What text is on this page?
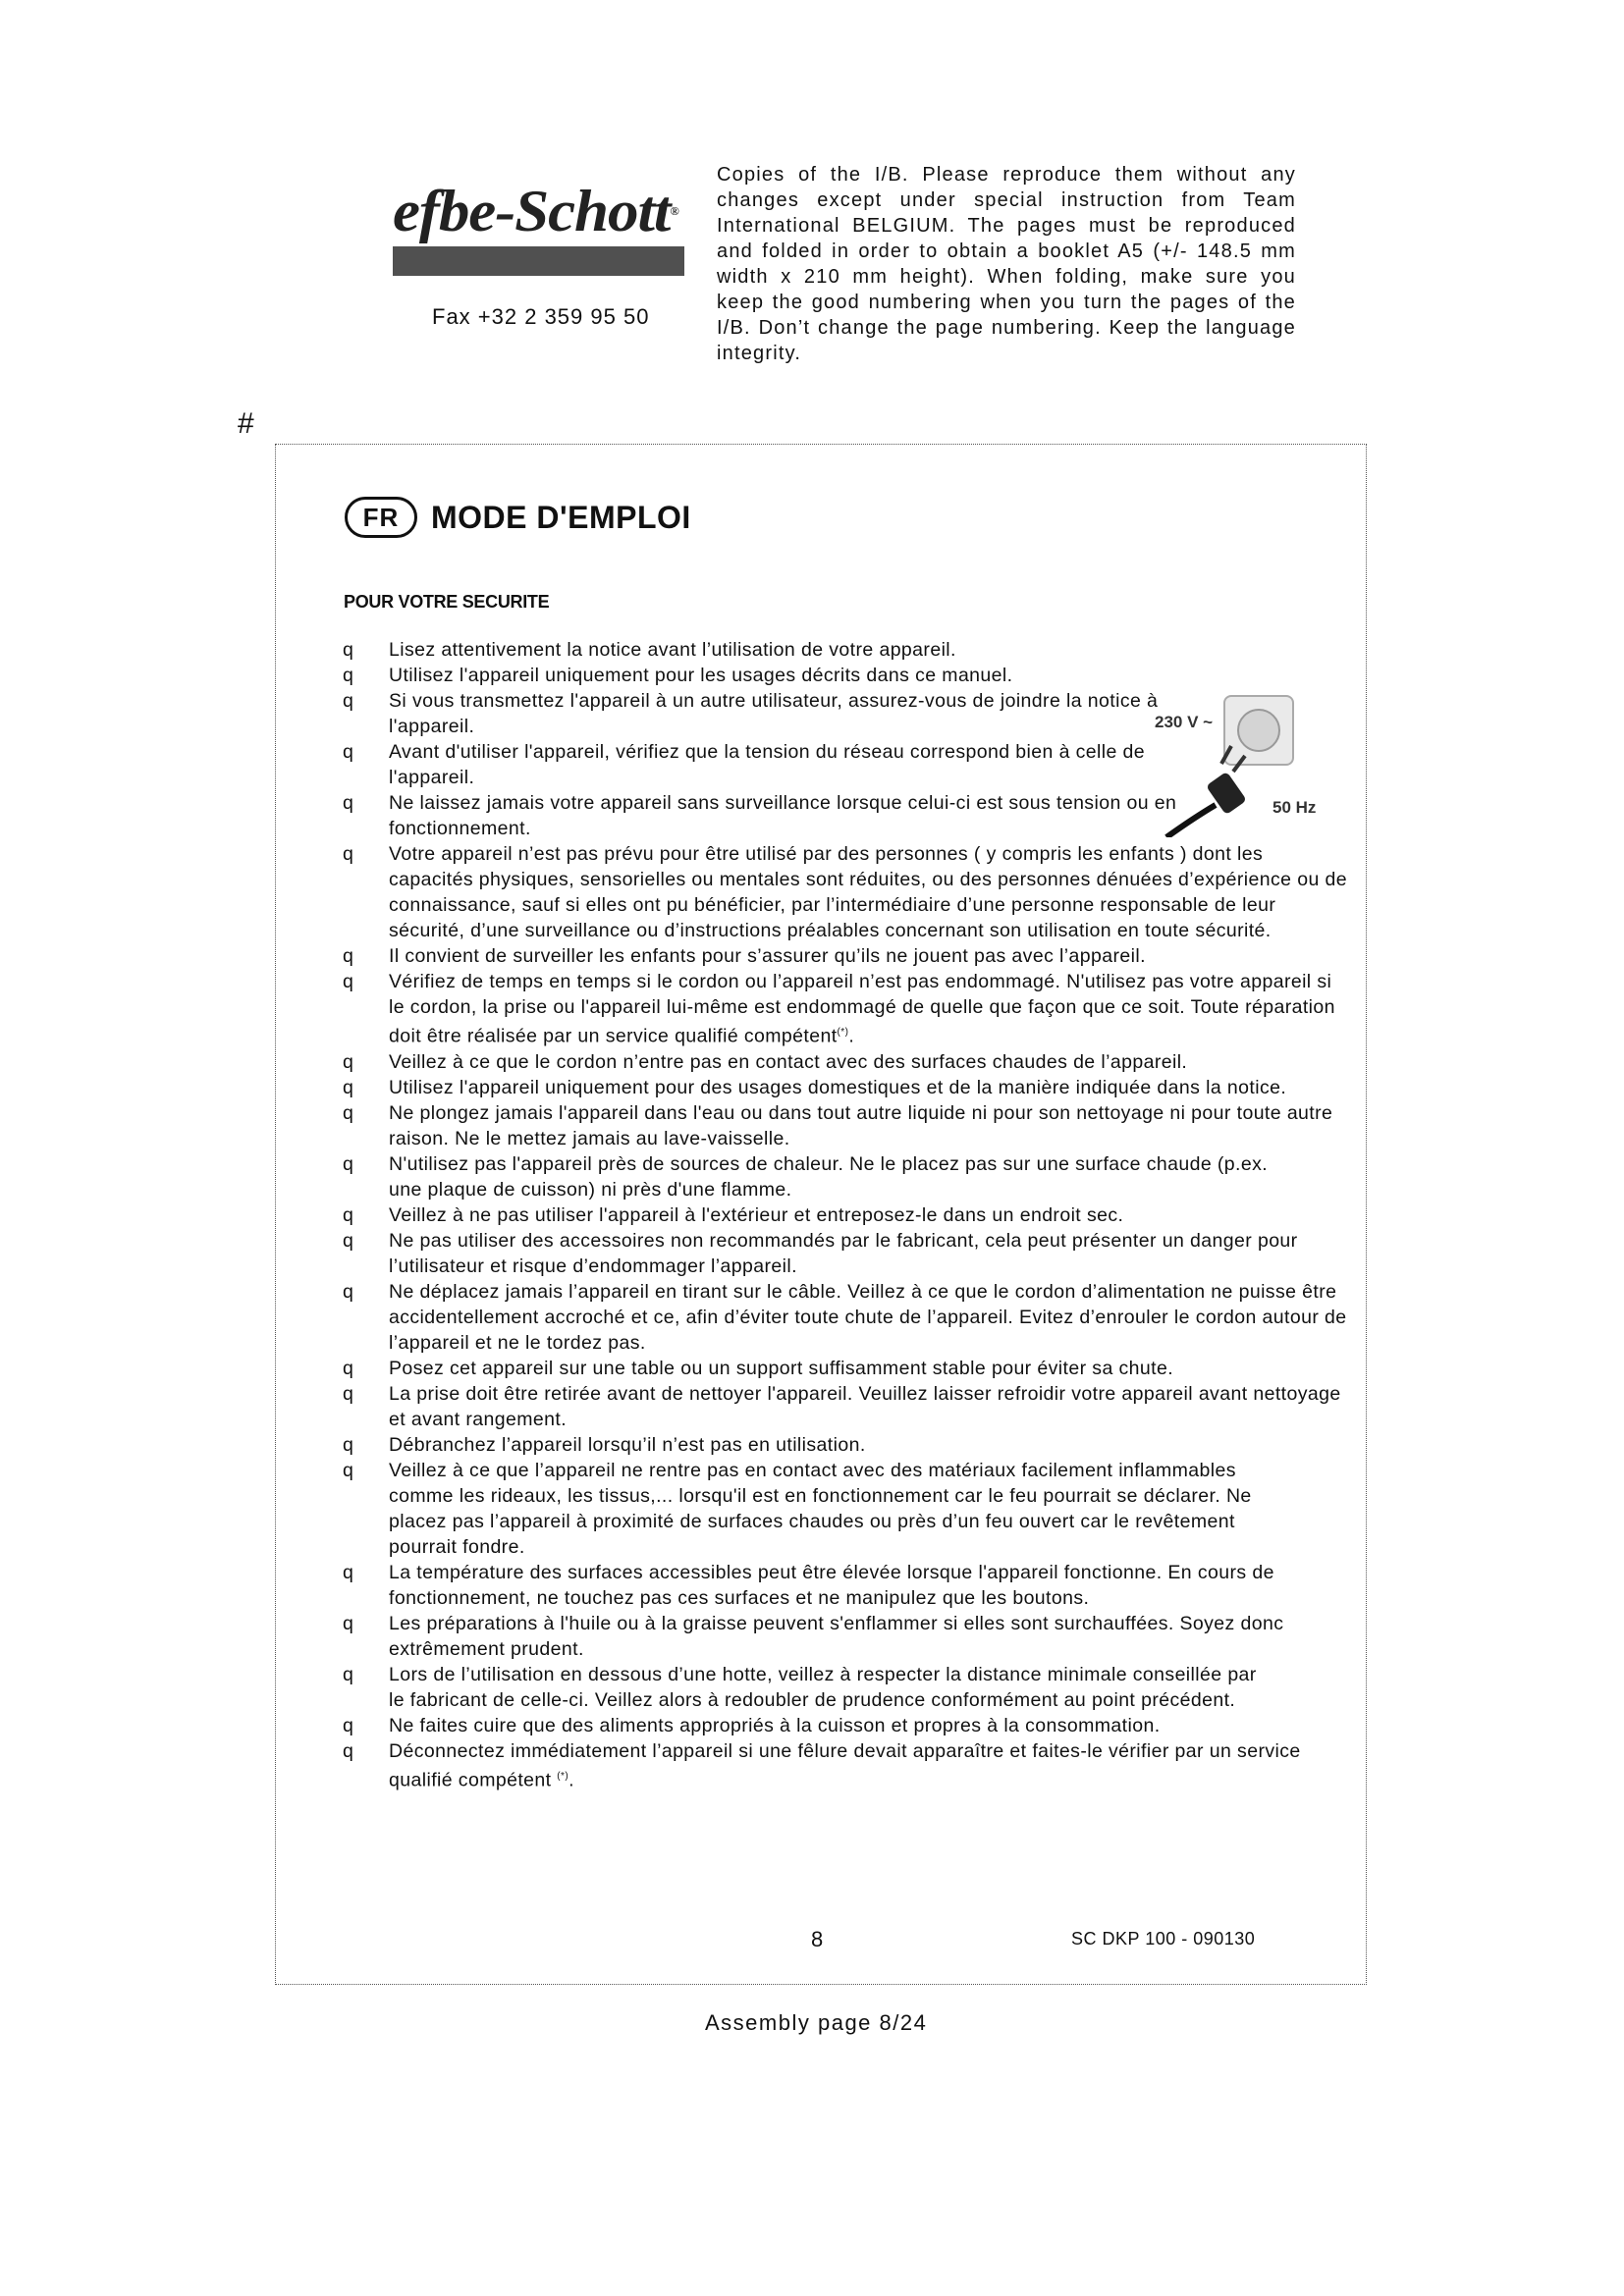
efbe-Schott®
Fax +32 2 359 95 50
Copies of the I/B. Please reproduce them without any changes except under special instruction from Team International BELGIUM. The pages must be reproduced and folded in order to obtain a booklet A5 (+/- 148.5 mm width x 210 mm height). When folding, make sure you keep the good numbering when you turn the pages of the I/B. Don’t change the page numbering. Keep the language integrity.
#
FR	MODE D'EMPLOI
POUR VOTRE SECURITE
230 V ~
50 Hz
q Lisez attentivement la notice avant l’utilisation de votre appareil.
q Utilisez l'appareil uniquement pour les usages décrits dans ce manuel.
q Si vous transmettez l'appareil à un autre utilisateur, assurez-vous de joindre la notice à l'appareil.
q Avant d'utiliser l'appareil, vérifiez que la tension du réseau correspond bien à celle de l'appareil.
q Ne laissez jamais votre appareil sans surveillance lorsque celui-ci est sous tension ou en fonctionnement.
q Votre appareil n’est pas prévu pour être utilisé par des personnes ( y compris les enfants ) dont les capacités physiques, sensorielles ou mentales sont réduites, ou des personnes dénuées d’expérience ou de connaissance, sauf si elles ont pu bénéficier, par l’intermédiaire d’une personne responsable de leur sécurité, d’une surveillance ou d’instructions préalables concernant son utilisation en toute sécurité.
q Il convient de surveiller les enfants pour s’assurer qu’ils ne jouent pas avec l’appareil.
q Vérifiez de temps en temps si le cordon ou l’appareil n’est pas endommagé. N'utilisez pas votre appareil si le cordon, la prise ou l'appareil lui-même est endommagé de quelle que façon que ce soit. Toute réparation doit être réalisée par un service qualifié compétent(*).
q Veillez à ce que le cordon n’entre pas en contact avec des surfaces chaudes de l’appareil.
q Utilisez l'appareil uniquement pour des usages domestiques et de la manière indiquée dans la notice.
q Ne plongez jamais l'appareil dans l'eau ou dans tout autre liquide ni pour son nettoyage ni pour toute autre raison. Ne le mettez jamais au lave-vaisselle.
q N'utilisez pas l'appareil près de sources de chaleur. Ne le placez pas sur une surface chaude (p.ex. une plaque de cuisson) ni près d'une flamme.
q Veillez à ne pas utiliser l'appareil à l'extérieur et entreposez-le dans un endroit sec.
q Ne pas utiliser des accessoires non recommandés par le fabricant, cela peut présenter un danger pour l’utilisateur et risque d’endommager l’appareil.
q Ne déplacez jamais l’appareil en tirant sur le câble. Veillez à ce que le cordon d’alimentation ne puisse être accidentellement accroché et ce, afin d’éviter toute chute de l’appareil. Evitez d’enrouler le cordon autour de l’appareil et ne le tordez pas.
q Posez cet appareil sur une table ou un support suffisamment stable pour éviter sa chute.
q La prise doit être retirée avant de nettoyer l'appareil. Veuillez laisser refroidir votre appareil avant nettoyage et avant rangement.
q Débranchez l’appareil lorsqu’il n’est pas en utilisation.
q Veillez à ce que l’appareil ne rentre pas en contact avec des matériaux facilement inflammables comme les rideaux, les tissus,... lorsqu'il est en fonctionnement car le feu pourrait se déclarer. Ne placez pas l’appareil à proximité de surfaces chaudes ou près d’un feu ouvert car le revêtement pourrait fondre.
q La température des surfaces accessibles peut être élevée lorsque l'appareil fonctionne. En cours de fonctionnement, ne touchez pas ces surfaces et ne manipulez que les boutons.
q Les préparations à l'huile ou à la graisse peuvent s'enflammer si elles sont surchauffées. Soyez donc extrêmement prudent.
q Lors de l’utilisation en dessous d’une hotte, veillez à respecter la distance minimale conseillée par le fabricant de celle-ci. Veillez alors à redoubler de prudence conformément au point précédent.
q Ne faites cuire que des aliments appropriés à la cuisson et propres à la consommation.
q Déconnectez immédiatement l’appareil si une fêlure devait apparaître et faites-le vérifier par un service qualifié compétent (*).
8	SC DKP 100 - 090130
Assembly page 8/24
